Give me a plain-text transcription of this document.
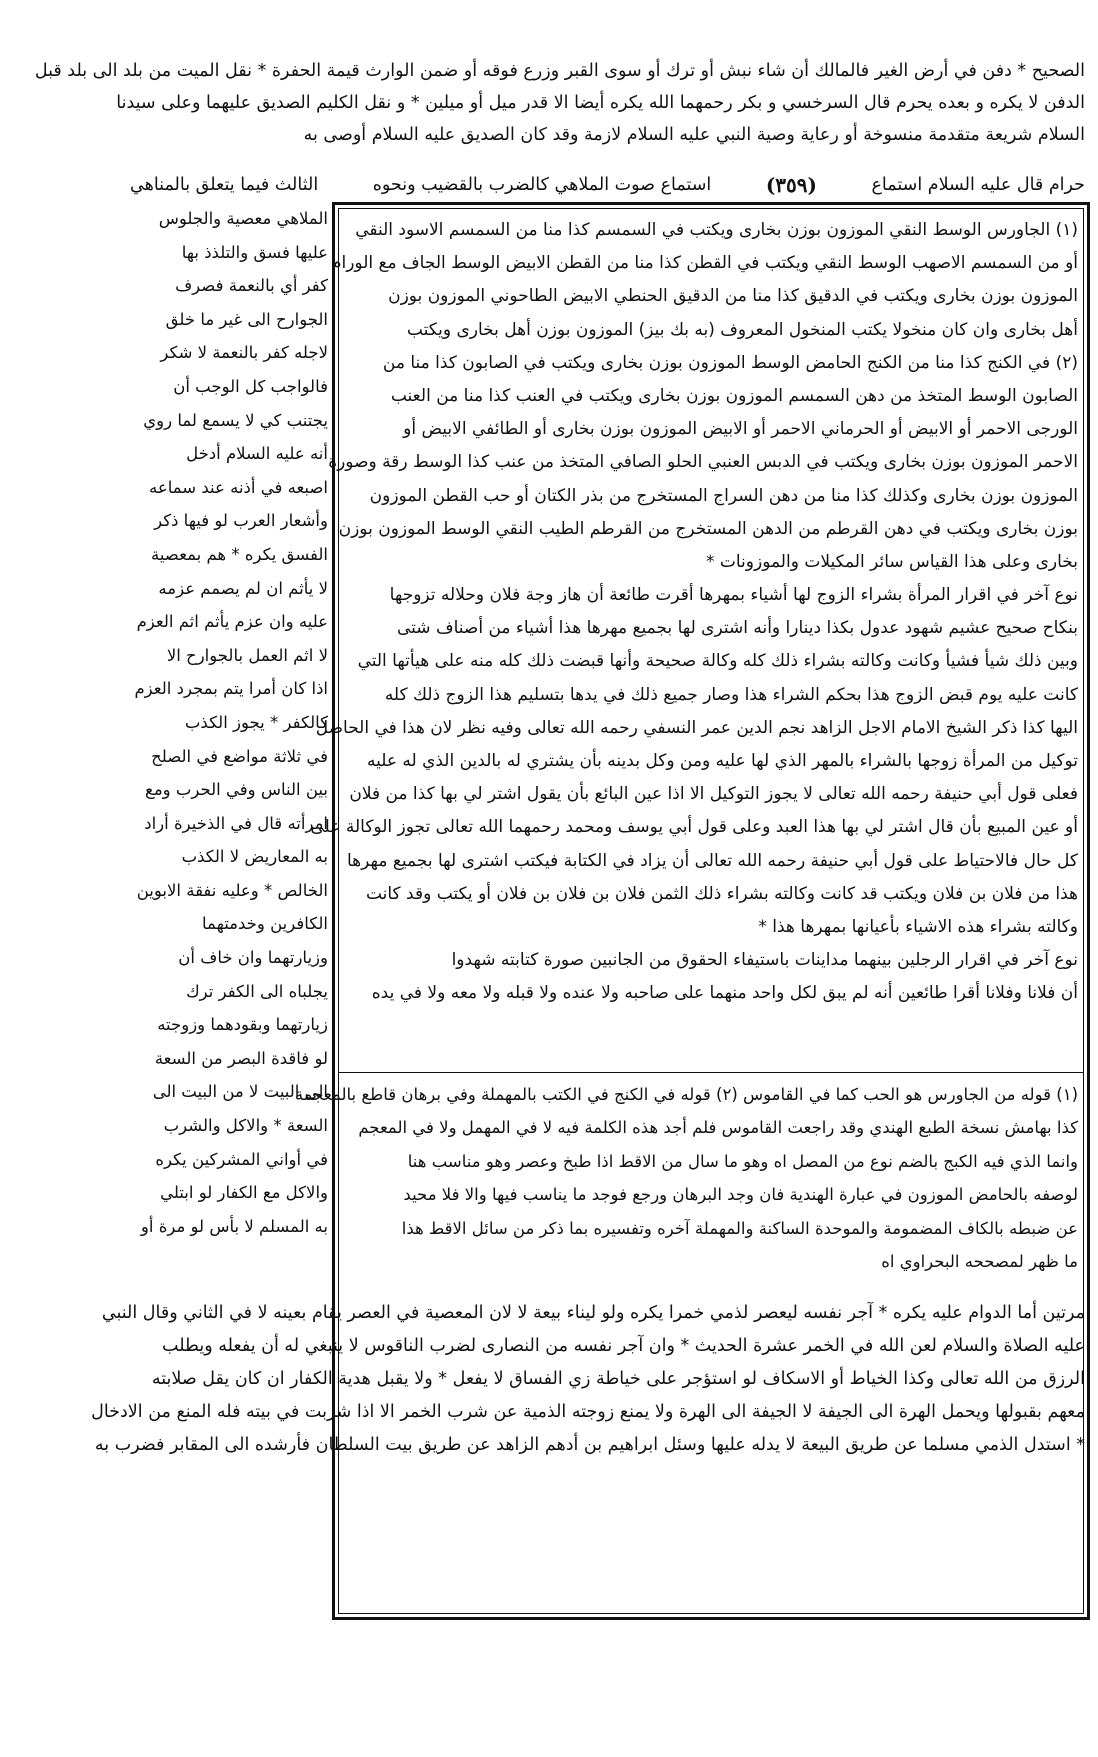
الصحيح * دفن في أرض الغير فالمالك أن شاء نبش أو ترك أو سوى القبر وزرع فوقه أو ضمن الوارث قيمة الحفرة * نقل الميت من بلد الى بلد قبل
الدفن لا يكره و بعده يحرم قال السرخسي و بكر رحمهما الله يكره أيضا الا قدر ميل أو ميلين * و نقل الكليم الصديق عليهما وعلى سيدنا
السلام شريعة متقدمة منسوخة أو رعاية وصية النبي عليه السلام لازمة وقد كان الصديق عليه السلام أوصى به
الثالث فيما يتعلق بالمناهي	استماع صوت الملاهي كالضرب بالقضيب ونحوه	(٣٥٩)	حرام قال عليه السلام استماع
الملاهي معصية والجلوس
عليها فسق والتلذذ بها
كفر أي بالنعمة فصرف
الجوارح الى غير ما خلق
لاجله كفر بالنعمة لا شكر
فالواجب كل الوجب أن
يجتنب كي لا يسمع لما روي
أنه عليه السلام أدخل
اصبعه في أذنه عند سماعه
وأشعار العرب لو فيها ذكر
الفسق يكره * هم بمعصية
لا يأثم ان لم يصمم عزمه
عليه وان عزم يأثم اثم العزم
لا اثم العمل بالجوارح الا
اذا كان أمرا يتم بمجرد العزم
كالكفر * يجوز الكذب
في ثلاثة مواضع في الصلح
بين الناس وفي الحرب ومع
امرأته قال في الذخيرة أراد
به المعاريض لا الكذب
الخالص * وعليه نفقة الابوين
الكافرين وخدمتهما
وزيارتهما وان خاف أن
يجلباه الى الكفر ترك
زيارتهما وبقودهما وزوجته
لو فاقدة البصر من السعة
الى البيت لا من البيت الى
السعة * والاكل والشرب
في أواني المشركين يكره
والاكل مع الكفار لو ابتلي
به المسلم لا بأس لو مرة أو
(١) الجاورس الوسط النقي الموزون بوزن بخارى ويكتب في السمسم كذا منا من السمسم الاسود النقي
أو من السمسم الاصهب الوسط النقي ويكتب في القطن كذا منا من القطن الابيض الوسط الجاف مع الورام
الموزون بوزن بخارى ويكتب في الدقيق كذا منا من الدقيق الحنطي الابيض الطاحوني الموزون بوزن
أهل بخارى وان كان منخولا يكتب المنخول المعروف (به بك بيز) الموزون بوزن أهل بخارى ويكتب
(٢) في الكنج كذا منا من الكنج الحامض الوسط الموزون بوزن بخارى ويكتب في الصابون كذا منا من
الصابون الوسط المتخذ من دهن السمسم الموزون بوزن بخارى ويكتب في العنب كذا منا من العنب
الورجى الاحمر أو الابيض أو الحرماني الاحمر أو الابيض الموزون بوزن بخارى أو الطائفي الابيض أو
الاحمر الموزون بوزن بخارى ويكتب في الدبس العنبي الحلو الصافي المتخذ من عنب كذا الوسط رقة وصورة
الموزون بوزن بخارى وكذلك كذا منا من دهن السراج المستخرج من بذر الكتان أو حب القطن الموزون
بوزن بخارى ويكتب في دهن القرطم من الدهن المستخرج من القرطم الطيب النقي الوسط الموزون بوزن
بخارى وعلى هذا القياس سائر المكيلات والموزونات *
نوع آخر في اقرار المرأة بشراء الزوج لها أشياء بمهرها أقرت طائعة أن هاز وجة فلان وحلاله تزوجها
بنكاح صحيح عشيم شهود عدول بكذا دينارا وأنه اشترى لها بجميع مهرها هذا أشياء من أصناف شتى
وبين ذلك شيأ فشيأ وكانت وكالته بشراء ذلك كله وكالة صحيحة وأنها قبضت ذلك كله منه على هيأتها التي
كانت عليه يوم قبض الزوج هذا بحكم الشراء هذا وصار جميع ذلك في يدها بتسليم هذا الزوج ذلك كله
اليها كذا ذكر الشيخ الامام الاجل الزاهد نجم الدين عمر النسفي رحمه الله تعالى وفيه نظر لان هذا في الحاصل
توكيل من المرأة زوجها بالشراء بالمهر الذي لها عليه ومن وكل بدينه بأن يشتري له بالدين الذي له عليه
فعلى قول أبي حنيفة رحمه الله تعالى لا يجوز التوكيل الا اذا عين البائع بأن يقول اشتر لي بها كذا من فلان
أو عين المبيع بأن قال اشتر لي بها هذا العبد وعلى قول أبي يوسف ومحمد رحمهما الله تعالى تجوز الوكالة على
كل حال فالاحتياط على قول أبي حنيفة رحمه الله تعالى أن يزاد في الكتابة فيكتب اشترى لها بجميع مهرها
هذا من فلان بن فلان ويكتب قد كانت وكالته بشراء ذلك الثمن فلان بن فلان بن فلان أو يكتب وقد كانت
وكالته بشراء هذه الاشياء بأعيانها بمهرها هذا *
نوع آخر في اقرار الرجلين بينهما مداينات باستيفاء الحقوق من الجانبين صورة كتابته شهدوا
أن فلانا وفلانا أقرا طائعين أنه لم يبق لكل واحد منهما على صاحبه ولا عنده ولا قبله ولا معه ولا في يده
(١) قوله من الجاورس هو الحب كما في القاموس (٢) قوله في الكنج في الكتب بالمهملة وفي برهان قاطع بالمعجمة
كذا بهامش نسخة الطبع الهندي وقد راجعت القاموس فلم أجد هذه الكلمة فيه لا في المهمل ولا في المعجم
وانما الذي فيه الكبج بالضم نوع من المصل اه وهو ما سال من الاقط اذا طبخ وعصر وهو مناسب هنا
لوصفه بالحامض الموزون في عبارة الهندية فان وجد البرهان ورجع فوجد ما يناسب فيها والا فلا محيد
عن ضبطه بالكاف المضمومة والموحدة الساكنة والمهملة آخره وتفسيره بما ذكر من سائل الاقط هذا
ما ظهر لمصححه البحراوي اه
مرتين أما الدوام عليه يكره * آجر نفسه ليعصر لذمي خمرا يكره ولو ليناء بيعة لا لان المعصية في العصر يقام بعينه لا في الثاني وقال النبي
عليه الصلاة والسلام لعن الله في الخمر عشرة الحديث * وان آجر نفسه من النصارى لضرب الناقوس لا ينبغي له أن يفعله ويطلب
الرزق من الله تعالى وكذا الخياط أو الاسكاف لو استؤجر على خياطة زي الفساق لا يفعل * ولا يقبل هدية الكفار ان كان يقل صلابته
معهم بقبولها ويحمل الهرة الى الجيفة لا الجيفة الى الهرة ولا يمنع زوجته الذمية عن شرب الخمر الا اذا شربت في بيته فله المنع من الادخال
* استدل الذمي مسلما عن طريق البيعة لا يدله عليها وسئل ابراهيم بن أدهم الزاهد عن طريق بيت السلطان فأرشده الى المقابر فضرب به
